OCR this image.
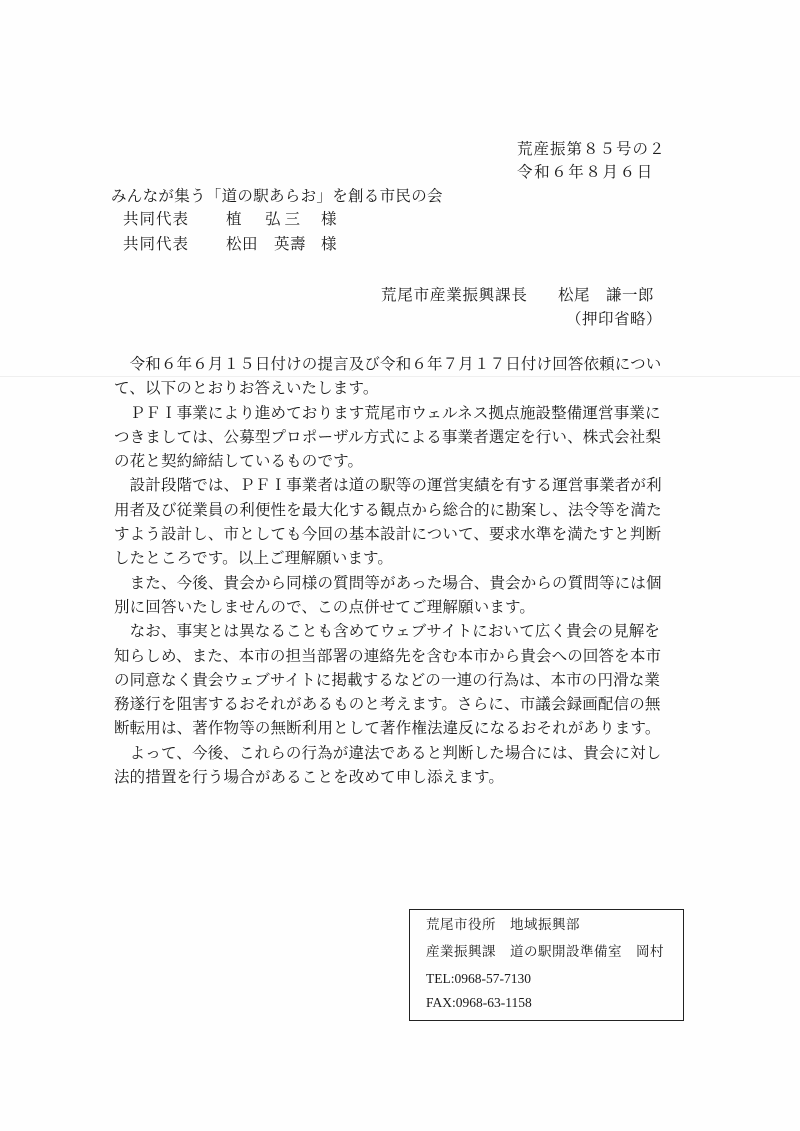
荒産振第８５号の２
令和６年８月６日
みんなが集う「道の駅あらお」を創る市民の会

共同代表

植　弘三

様

共同代表

松田　英壽

様

荒尾市産業振興課長

松尾　謙一郎

（押印省略）
　令和６年６月１５日付けの提言及び令和６年７月１７日付け回答依頼につい
て、以下のとおりお答えいたします。
　ＰＦＩ事業により進めております荒尾市ウェルネス拠点施設整備運営事業に
つきましては、公募型プロポーザル方式による事業者選定を行い、株式会社梨
の花と契約締結しているものです。
　設計段階では、ＰＦＩ事業者は道の駅等の運営実績を有する運営事業者が利
用者及び従業員の利便性を最大化する観点から総合的に勘案し、法令等を満た
すよう設計し、市としても今回の基本設計について、要求水準を満たすと判断
したところです。以上ご理解願います。
　また、今後、貴会から同様の質問等があった場合、貴会からの質問等には個
別に回答いたしませんので、この点併せてご理解願います。
　なお、事実とは異なることも含めてウェブサイトにおいて広く貴会の見解を
知らしめ、また、本市の担当部署の連絡先を含む本市から貴会への回答を本市
の同意なく貴会ウェブサイトに掲載するなどの一連の行為は、本市の円滑な業
務遂行を阻害するおそれがあるものと考えます。さらに、市議会録画配信の無
断転用は、著作物等の無断利用として著作権法違反になるおそれがあります。
　よって、今後、これらの行為が違法であると判断した場合には、貴会に対し
法的措置を行う場合があることを改めて申し添えます。
荒尾市役所　地域振興部
産業振興課　道の駅開設準備室　岡村
TEL:0968-57-7130
FAX:0968-63-1158
